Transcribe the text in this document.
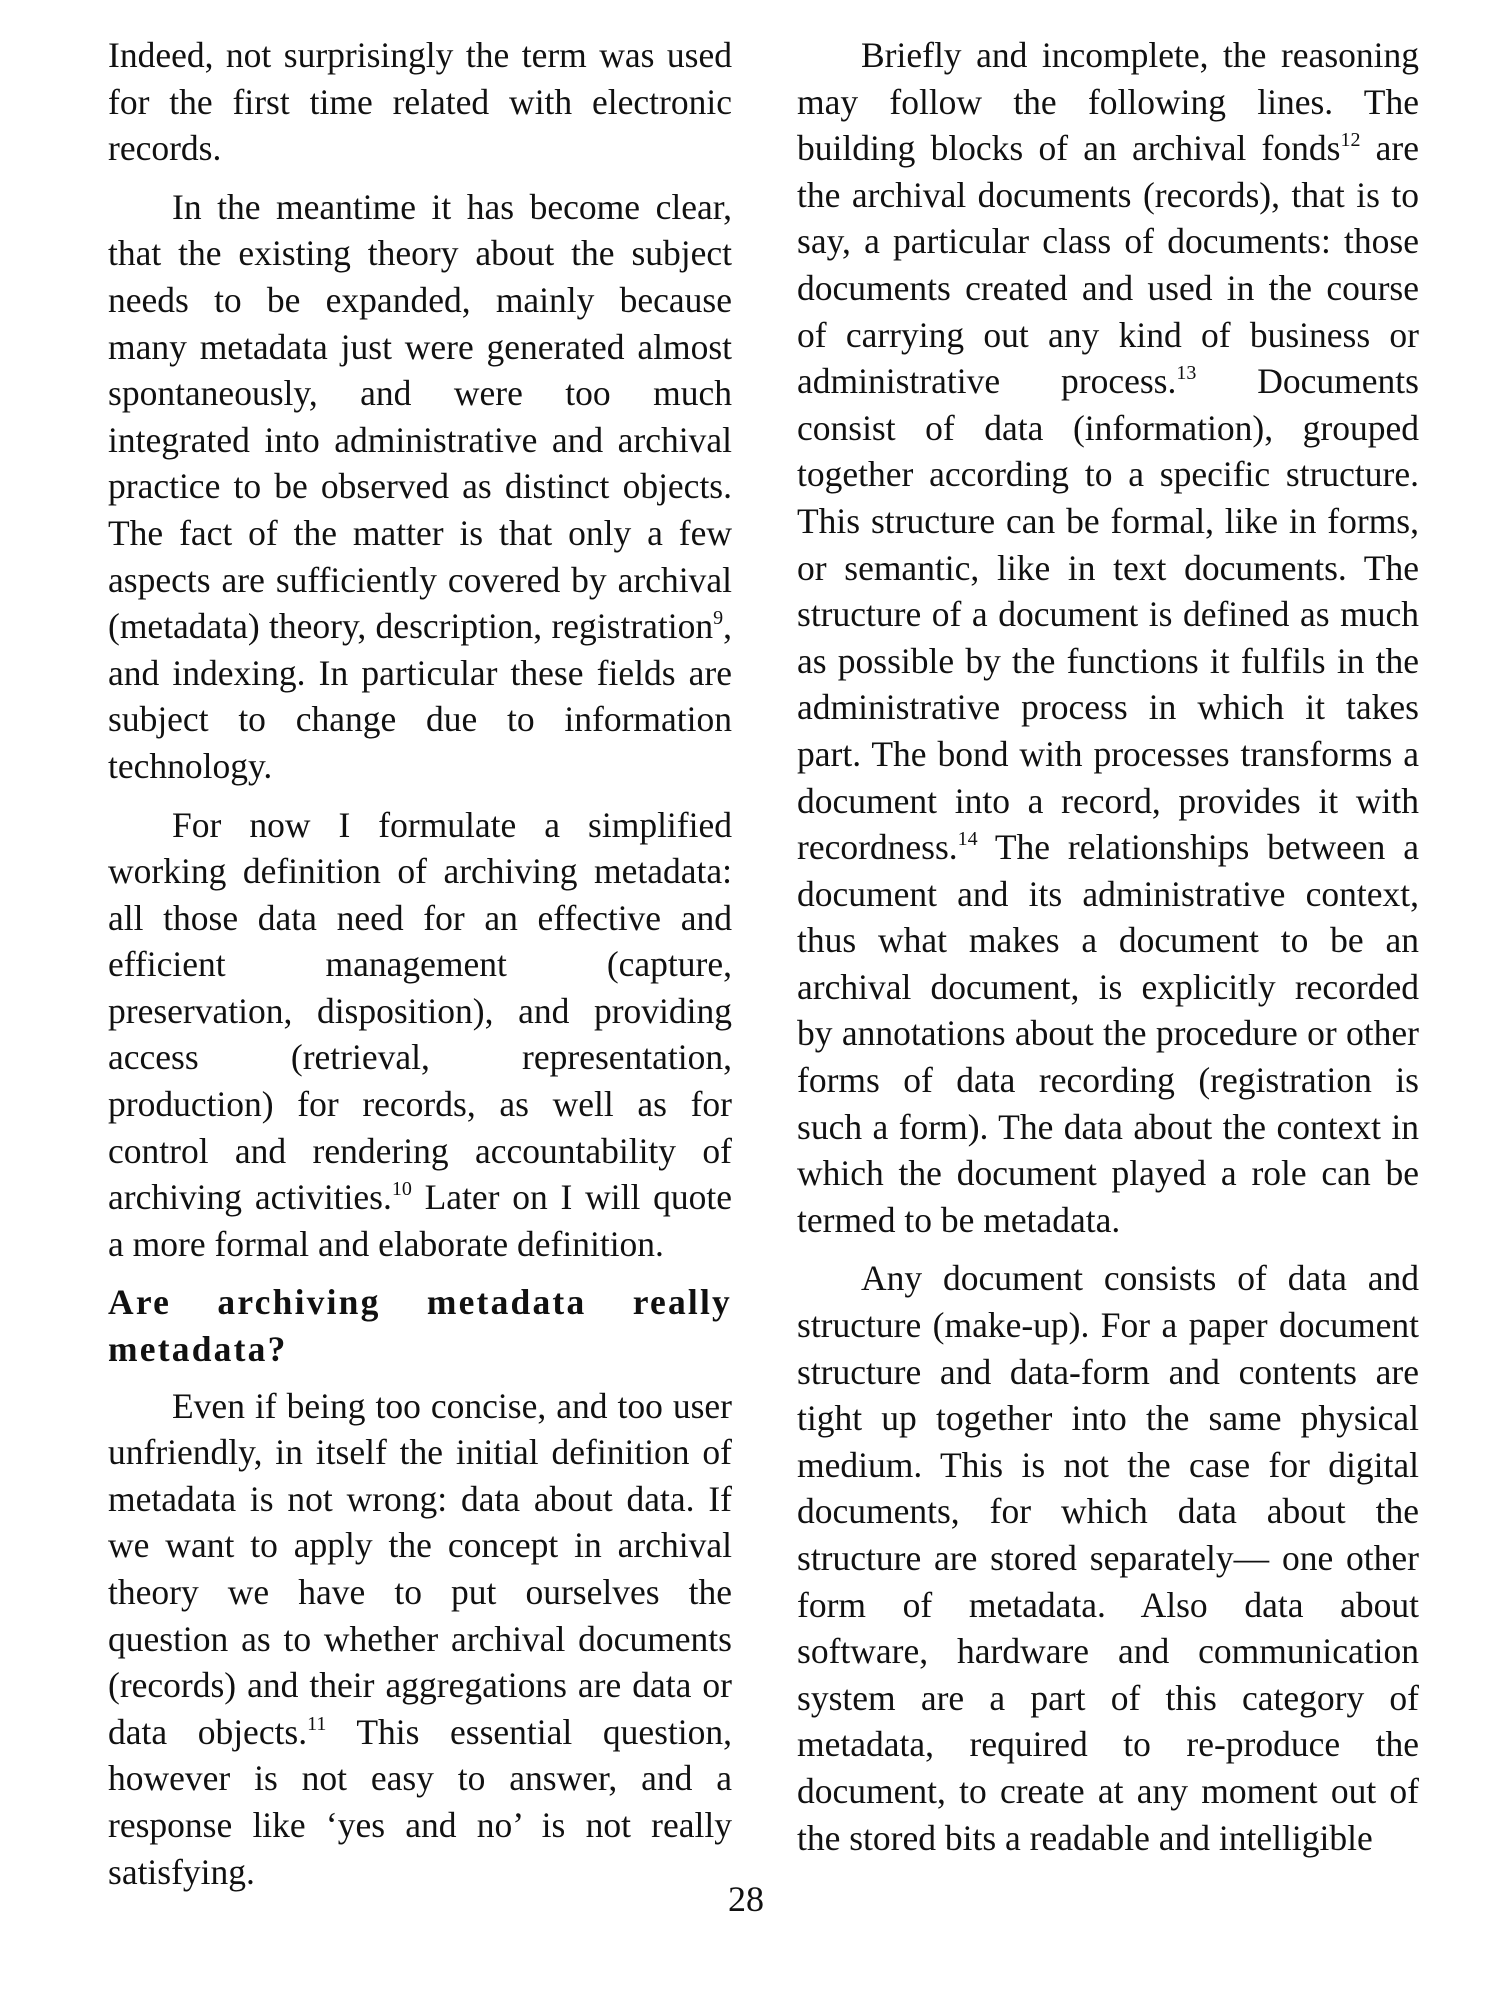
Indeed, not surprisingly the term was used for the first time related with electronic records.

In the meantime it has become clear, that the existing theory about the subject needs to be expanded, mainly because many metadata just were generated almost spontaneously, and were too much integrated into administrative and archival practice to be observed as distinct objects. The fact of the matter is that only a few aspects are sufficiently covered by archival (metadata) theory, description, registration$^9$, and indexing. In particular these fields are subject to change due to information technology.

For now I formulate a simplified working definition of archiving metadata: all those data need for an effective and efficient management (capture, preservation, disposition), and providing access (retrieval, representation, production) for records, as well as for control and rendering accountability of archiving activities.$^{10}$ Later on I will quote a more formal and elaborate definition.

Are archiving metadata really
metadata?

Even if being too concise, and too user unfriendly, in itself the initial definition of metadata is not wrong: data about data. If we want to apply the concept in archival theory we have to put ourselves the question as to whether archival documents (records) and their aggregations are data or data objects.$^{11}$ This essential question, however is not easy to answer, and a response like ‘yes and no’ is not really satisfying.

Briefly and incomplete, the reasoning may follow the following lines. The building blocks of an archival fonds$^{12}$ are the archival documents (records), that is to say, a particular class of documents: those documents created and used in the course of carrying out any kind of business or administrative process.$^{13}$ Documents consist of data (information), grouped together according to a specific structure. This structure can be formal, like in forms, or semantic, like in text documents. The structure of a document is defined as much as possible by the functions it fulfils in the administrative process in which it takes part. The bond with processes transforms a document into a record, provides it with recordness.$^{14}$ The relationships between a document and its administrative context, thus what makes a document to be an archival document, is explicitly recorded by annotations about the procedure or other forms of data recording (registration is such a form). The data about the context in which the document played a role can be termed to be metadata.

Any document consists of data and structure (make-up). For a paper document structure and data-form and contents are tight up together into the same physical medium. This is not the case for digital documents, for which data about the structure are stored separately— one other form of metadata. Also data about software, hardware and communication system are a part of this category of metadata, required to re-produce the document, to create at any moment out of the stored bits a readable and intelligible

28
